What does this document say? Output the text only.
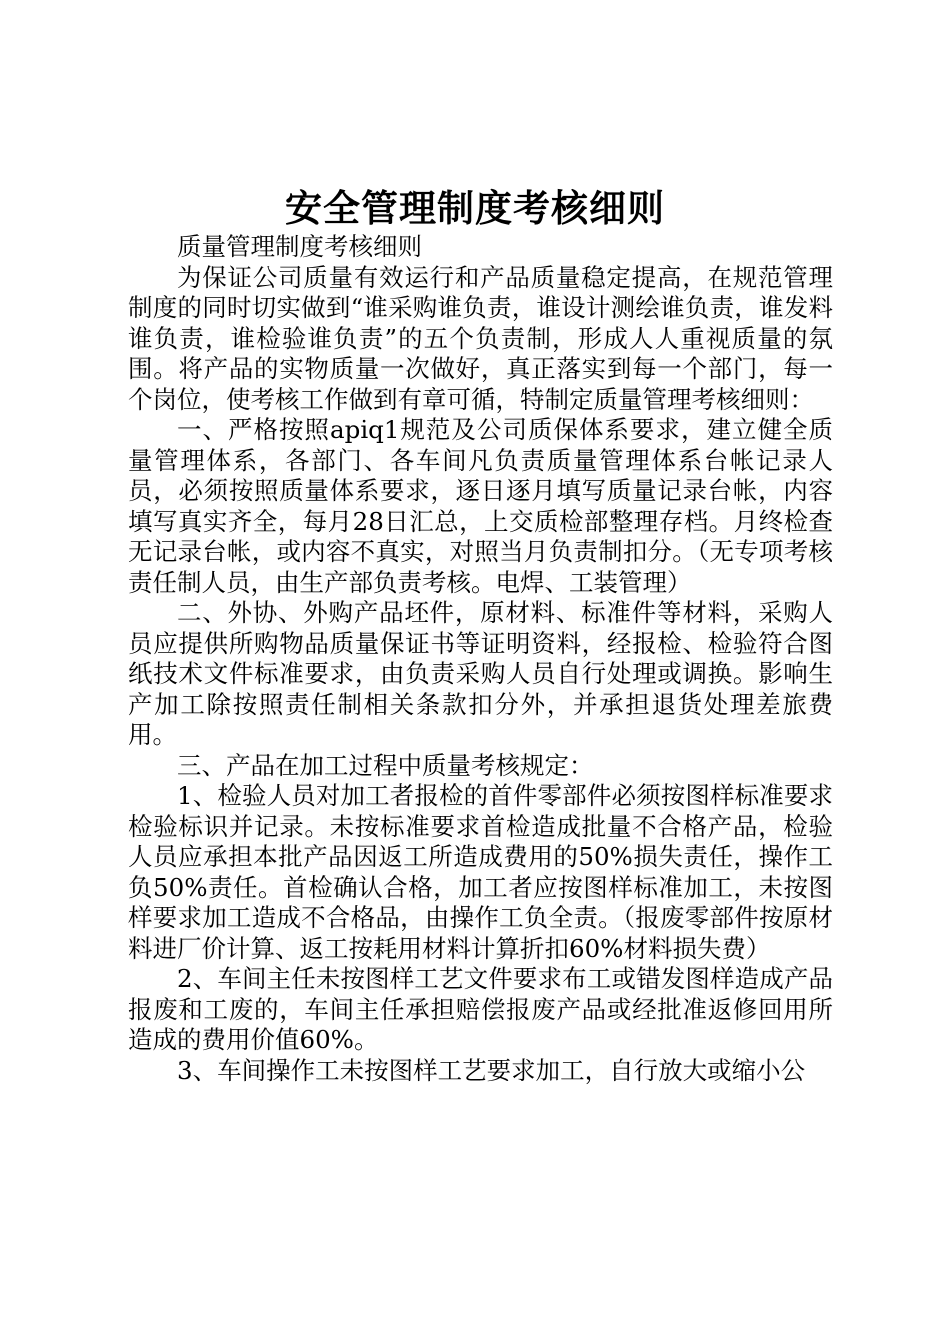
安全管理制度考核细则

质量管理制度考核细则

为保证公司质量有效运行和产品质量稳定提高，在规范管理制度的同时切实做到“谁采购谁负责，谁设计测绘谁负责，谁发料谁负责，谁检验谁负责”的五个负责制，形成人人重视质量的氛围。将产品的实物质量一次做好，真正落实到每一个部门，每一个岗位，使考核工作做到有章可循，特制定质量管理考核细则：

一、严格按照apiq1规范及公司质保体系要求，建立健全质量管理体系，各部门、各车间凡负责质量管理体系台帐记录人员，必须按照质量体系要求，逐日逐月填写质量记录台帐，内容填写真实齐全，每月28日汇总，上交质检部整理存档。月终检查无记录台帐，或内容不真实，对照当月负责制扣分。（无专项考核责任制人员，由生产部负责考核。电焊、工装管理）

二、外协、外购产品坯件，原材料、标准件等材料，采购人员应提供所购物品质量保证书等证明资料，经报检、检验符合图纸技术文件标准要求，由负责采购人员自行处理或调换。影响生产加工除按照责任制相关条款扣分外，并承担退货处理差旅费用。

三、产品在加工过程中质量考核规定：

1、检验人员对加工者报检的首件零部件必须按图样标准要求检验标识并记录。未按标准要求首检造成批量不合格产品，检验人员应承担本批产品因返工所造成费用的50%损失责任，操作工负50%责任。首检确认合格，加工者应按图样标准加工，未按图样要求加工造成不合格品，由操作工负全责。（报废零部件按原材料进厂价计算、返工按耗用材料计算折扣60%材料损失费）

2、车间主任未按图样工艺文件要求布工或错发图样造成产品报废和工废的，车间主任承担赔偿报废产品或经批准返修回用所造成的费用价值60%。

3、车间操作工未按图样工艺要求加工，自行放大或缩小公
